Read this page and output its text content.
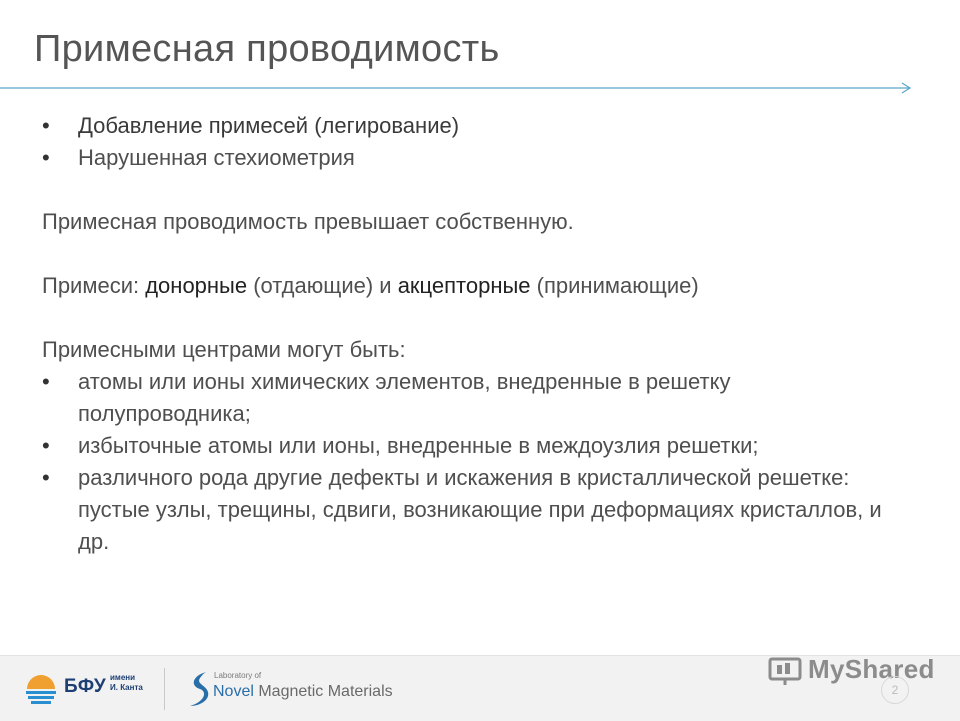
Примесная проводимость
• Добавление примесей (легирование)
• Нарушенная стехиометрия

Примесная проводимость превышает собственную.

Примеси: донорные (отдающие) и акцепторные (принимающие)

Примесными центрами могут быть:

• атомы или ионы химических элементов, внедренные в решетку полупроводника;
• избыточные атомы или ионы, внедренные в междоузлия решетки;
• различного рода другие дефекты и искажения в кристаллической решетке: пустые узлы, трещины, сдвиги, возникающие при деформациях кристаллов, и др.
БФУ имени
И. Канта
Laboratory of
Novel Magnetic Materials
MyShared
2
